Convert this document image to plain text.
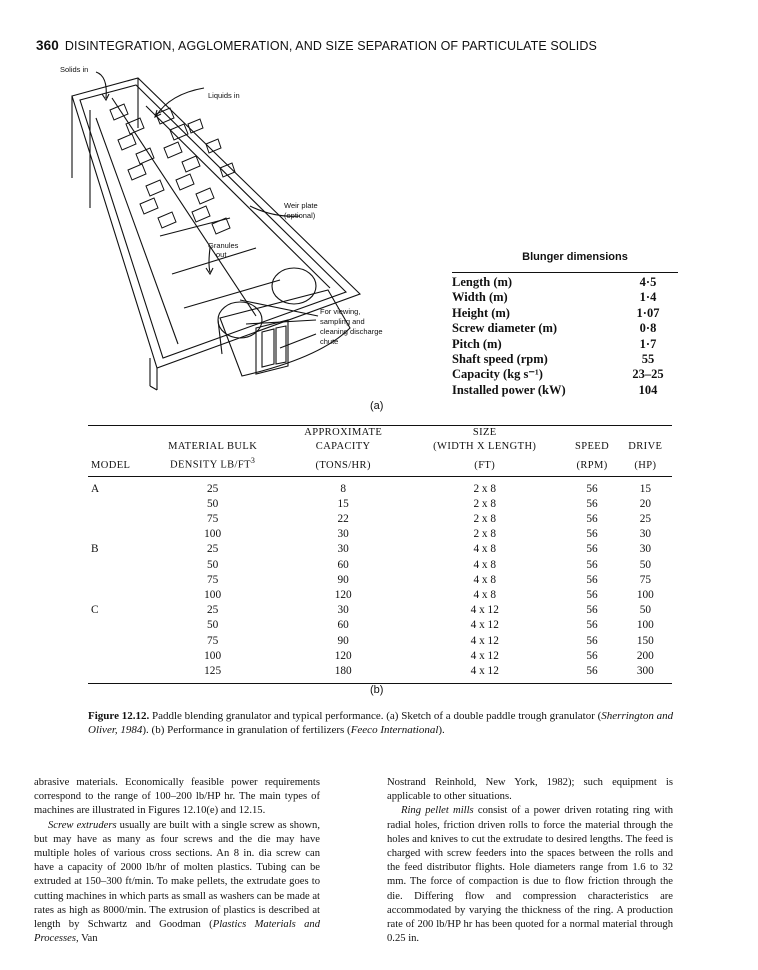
360 DISINTEGRATION, AGGLOMERATION, AND SIZE SEPARATION OF PARTICULATE SOLIDS
Solids in
Liquids in
Weir plate
(optional)
Granules
out
For viewing,
sampling and
cleaning discharge
chute
Blunger dimensions
Length (m)	4·5
Width (m)	1·4
Height (m)	1·07
Screw diameter (m)	0·8
Pitch (m)	1·7
Shaft speed (rpm)	55
Capacity (kg s⁻¹)	23–25
Installed power (kW)	104
(a)
		APPROXIMATE	SIZE		
	MATERIAL BULK	CAPACITY	(WIDTH X LENGTH)	SPEED	DRIVE
MODEL	DENSITY $LB/FT^3$	(TONS/HR)	(FT)	(RPM)	(HP)
A	25	8	2 x 8	56	15
	50	15	2 x 8	56	20
	75	22	2 x 8	56	25
	100	30	2 x 8	56	30
B	25	30	4 x 8	56	30
	50	60	4 x 8	56	50
	75	90	4 x 8	56	75
	100	120	4 x 8	56	100
C	25	30	4 x 12	56	50
	50	60	4 x 12	56	100
	75	90	4 x 12	56	150
	100	120	4 x 12	56	200
	125	180	4 x 12	56	300
(b)
Figure 12.12. Paddle blending granulator and typical performance. (a) Sketch of a double paddle trough granulator (Sherrington and Oliver, 1984). (b) Performance in granulation of fertilizers (Feeco International).

abrasive materials. Economically feasible power requirements correspond to the range of 100–200 lb/HP hr. The main types of machines are illustrated in Figures 12.10(e) and 12.15.

Screw extruders usually are built with a single screw as shown, but may have as many as four screws and the die may have multiple holes of various cross sections. An 8 in. dia screw can have a capacity of 2000 lb/hr of molten plastics. Tubing can be extruded at 150–300 ft/min. To make pellets, the extrudate goes to cutting machines in which parts as small as washers can be made at rates as high as 8000/min. The extrusion of plastics is described at length by Schwartz and Goodman (Plastics Materials and Processes, Van

Nostrand Reinhold, New York, 1982); such equipment is applicable to other situations.

Ring pellet mills consist of a power driven rotating ring with radial holes, friction driven rolls to force the material through the holes and knives to cut the extrudate to desired lengths. The feed is charged with screw feeders into the spaces between the rolls and the feed distributor flights. Hole diameters range from 1.6 to 32 mm. The force of compaction is due to flow friction through the die. Differing flow and compression characteristics are accommodated by varying the thickness of the ring. A production rate of 200 lb/HP hr has been quoted for a normal material through 0.25 in.
